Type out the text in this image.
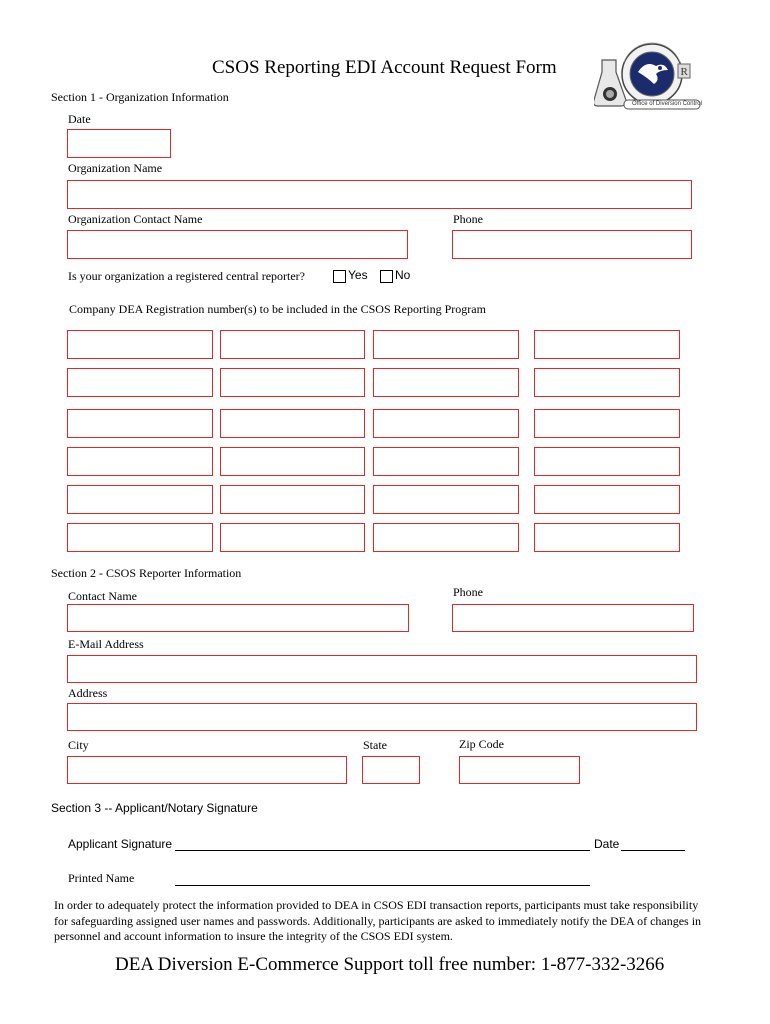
CSOS Reporting EDI Account Request Form	R
Office of Diversion Control
Section 1 - Organization Information
Date
Organization Name
Organization Contact Name	Phone
Is your organization a registered central reporter?	Yes No
Company DEA Registration number(s) to be included in the CSOS Reporting Program
Section 2 - CSOS Reporter Information
Contact Name	Phone
E-Mail Address
Address
City	State	Zip Code
Section 3 -- Applicant/Notary Signature
Applicant Signature	Date
Printed Name
In order to adequately protect the information provided to DEA in CSOS EDI transaction reports, participants must take responsibility for safeguarding assigned user names and passwords. Additionally, participants are asked to immediately notify the DEA of changes in personnel and account information to insure the integrity of the CSOS EDI system.
DEA Diversion E-Commerce Support toll free number: 1-877-332-3266
